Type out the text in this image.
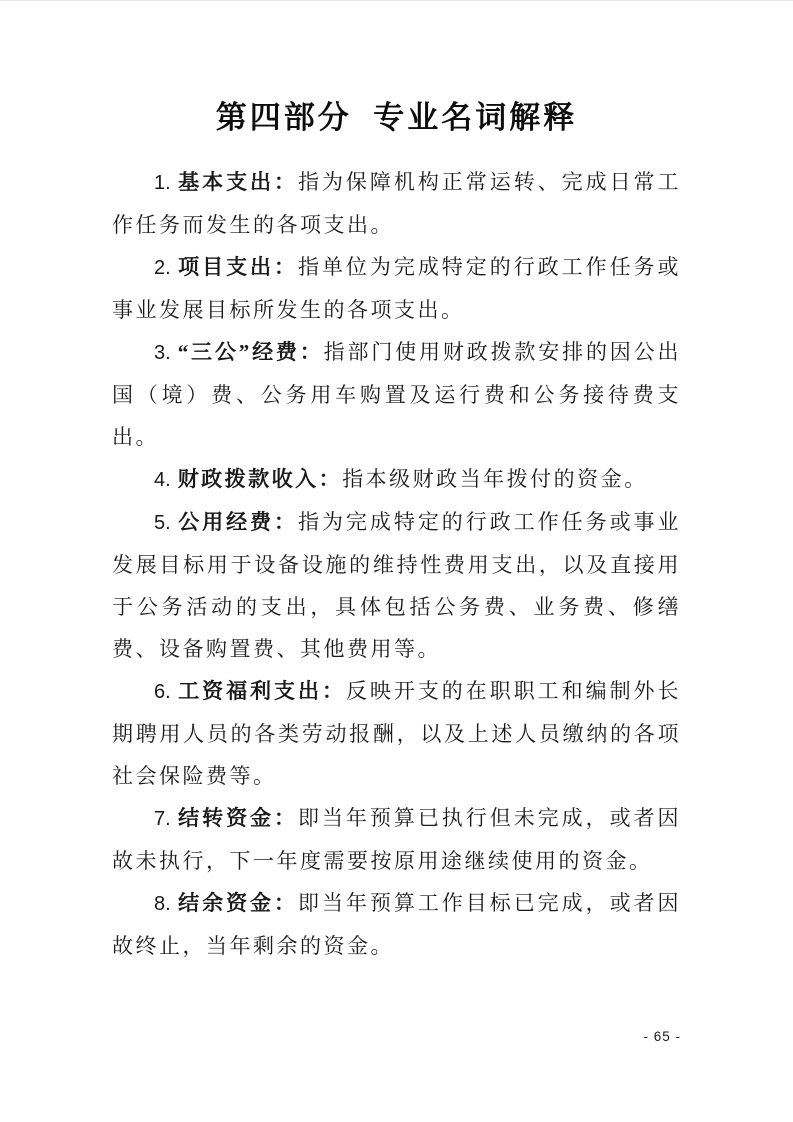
第四部分  专业名词解释

1. 基本支出：指为保障机构正常运转、完成日常工作任务而发生的各项支出。

2. 项目支出：指单位为完成特定的行政工作任务或事业发展目标所发生的各项支出。

3. “三公”经费：指部门使用财政拨款安排的因公出国（境）费、公务用车购置及运行费和公务接待费支出。

4. 财政拨款收入：指本级财政当年拨付的资金。

5. 公用经费：指为完成特定的行政工作任务或事业发展目标用于设备设施的维持性费用支出，以及直接用于公务活动的支出，具体包括公务费、业务费、修缮费、设备购置费、其他费用等。

6. 工资福利支出：反映开支的在职职工和编制外长期聘用人员的各类劳动报酬，以及上述人员缴纳的各项社会保险费等。

7. 结转资金：即当年预算已执行但未完成，或者因故未执行，下一年度需要按原用途继续使用的资金。

8. 结余资金：即当年预算工作目标已完成，或者因故终止，当年剩余的资金。

- 65 -
